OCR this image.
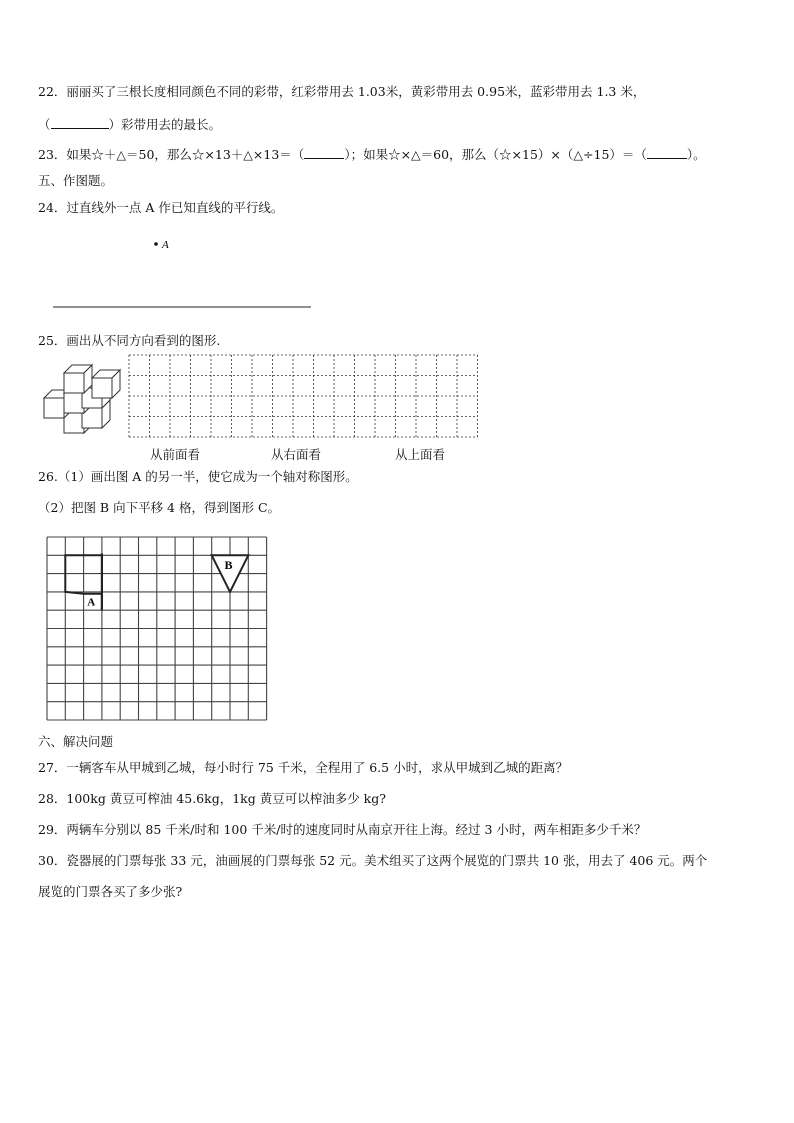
22．丽丽买了三根长度相同颜色不同的彩带，红彩带用去 1.03米，黄彩带用去 0.95米，蓝彩带用去 1.3 米，
（	）彩带用去的最长。
23．如果☆＋△＝50，那么☆×13＋△×13＝（	）；如果☆×△＝60，那么（☆×15）×（△÷15）＝（	）。
五、作图题。
24．过直线外一点 A 作已知直线的平行线。
A
25．画出从不同方向看到的图形.
从前面看	从右面看	从上面看
26.（1）画出图 A 的另一半，使它成为一个轴对称图形。
（2）把图 B 向下平移 4 格，得到图形 C。
A
B
六、解决问题
27．一辆客车从甲城到乙城，每小时行 75 千米，全程用了 6.5 小时，求从甲城到乙城的距离？
28．100kg 黄豆可榨油 45.6kg，1kg 黄豆可以榨油多少 kg?
29．两辆车分别以 85 千米/时和 100 千米/时的速度同时从南京开往上海。经过 3 小时，两车相距多少千米？
30．瓷器展的门票每张 33 元，油画展的门票每张 52 元。美术组买了这两个展览的门票共 10 张，用去了 406 元。两个
展览的门票各买了多少张?
